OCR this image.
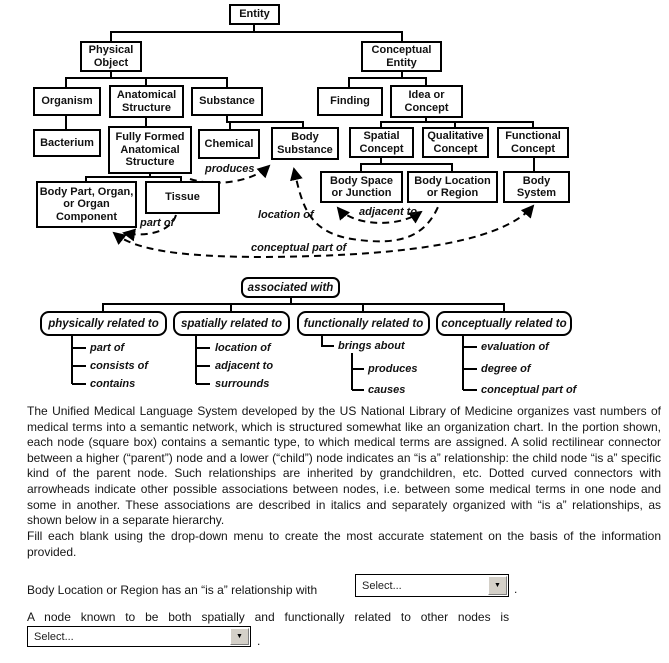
Entity
Physical Object
Conceptual Entity
Organism
Anatomical Structure
Substance	Finding
Idea or Concept
Bacterium	Fully Formed Anatomical Structure
Chemical
Body Substance
Spatial Concept
Qualitative Concept
Functional Concept
Body Part, Organ, or Organ Component
Tissue
Body Space or Junction
Body Location or Region
Body System
produces
location of	adjacent to
part of
conceptual part of
associated with
physically related to	spatially related to	functionally related to	conceptually related to
part of
consists of
contains
location of
adjacent to
surrounds
brings about
produces
causes
evaluation of
degree of
conceptual part of

The Unified Medical Language System developed by the US National Library of Medicine organizes vast numbers of medical terms into a semantic network, which is structured somewhat like an organization chart. In the portion shown, each node (square box) contains a semantic type, to which medical terms are assigned. A solid rectilinear connector between a higher (“parent”) node and a lower (“child”) node indicates an “is a” relationship: the child node “is a” specific kind of the parent node. Such relationships are inherited by grandchildren, etc. Dotted curved connectors with arrowheads indicate other possible associations between nodes, i.e. between some medical terms in one node and some in another. These associations are described in italics and separately organized with “is a” relationships, as shown below in a separate hierarchy.

Fill each blank using the drop-down menu to create the most accurate statement on the basis of the information provided.

Body Location or Region has an “is a” relationship with	Select...	▼ .
A node known to be both spatially and functionally related to other nodes is
Select...	▼ .
